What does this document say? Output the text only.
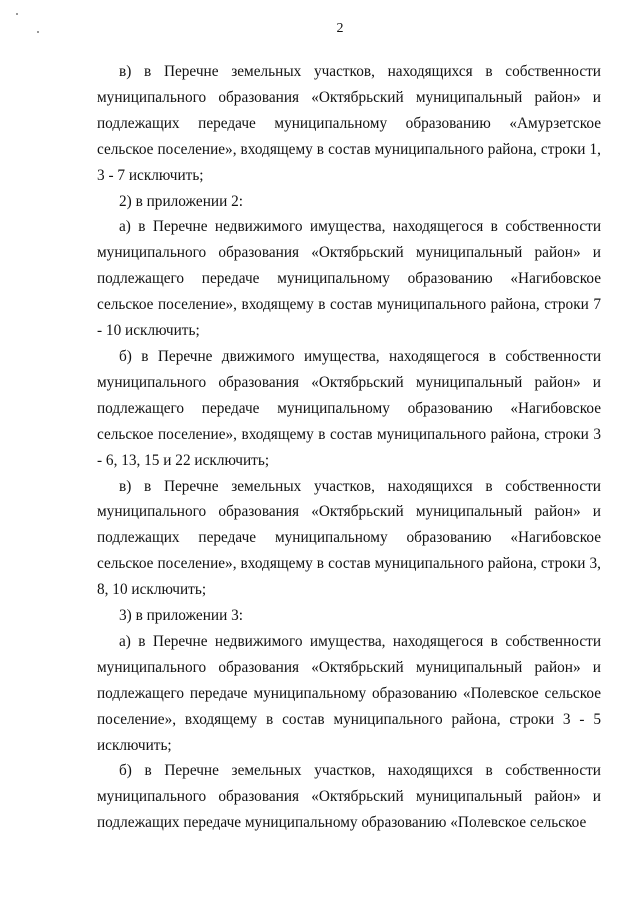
2

в) в Перечне земельных участков, находящихся в собственности муниципального образования «Октябрьский муниципальный район» и подлежащих передаче муниципальному образованию «Амурзетское сельское поселение», входящему в состав муниципального района, строки 1, 3 - 7 исключить;

2) в приложении 2:

а) в Перечне недвижимого имущества, находящегося в собственности муниципального образования «Октябрьский муниципальный район» и подлежащего передаче муниципальному образованию «Нагибовское сельское поселение», входящему в состав муниципального района, строки 7 - 10 исключить;

б) в Перечне движимого имущества, находящегося в собственности муниципального образования «Октябрьский муниципальный район» и подлежащего передаче муниципальному образованию «Нагибовское сельское поселение», входящему в состав муниципального района, строки 3 - 6, 13, 15 и 22 исключить;

в) в Перечне земельных участков, находящихся в собственности муниципального образования «Октябрьский муниципальный район» и подлежащих передаче муниципальному образованию «Нагибовское сельское поселение», входящему в состав муниципального района, строки 3, 8, 10 исключить;

3) в приложении 3:

а) в Перечне недвижимого имущества, находящегося в собственности муниципального образования «Октябрьский муниципальный район» и подлежащего передаче муниципальному образованию «Полевское сельское поселение», входящему в состав муниципального района, строки 3 - 5 исключить;

б) в Перечне земельных участков, находящихся в собственности муниципального образования «Октябрьский муниципальный район» и подлежащих передаче муниципальному образованию «Полевское сельское
